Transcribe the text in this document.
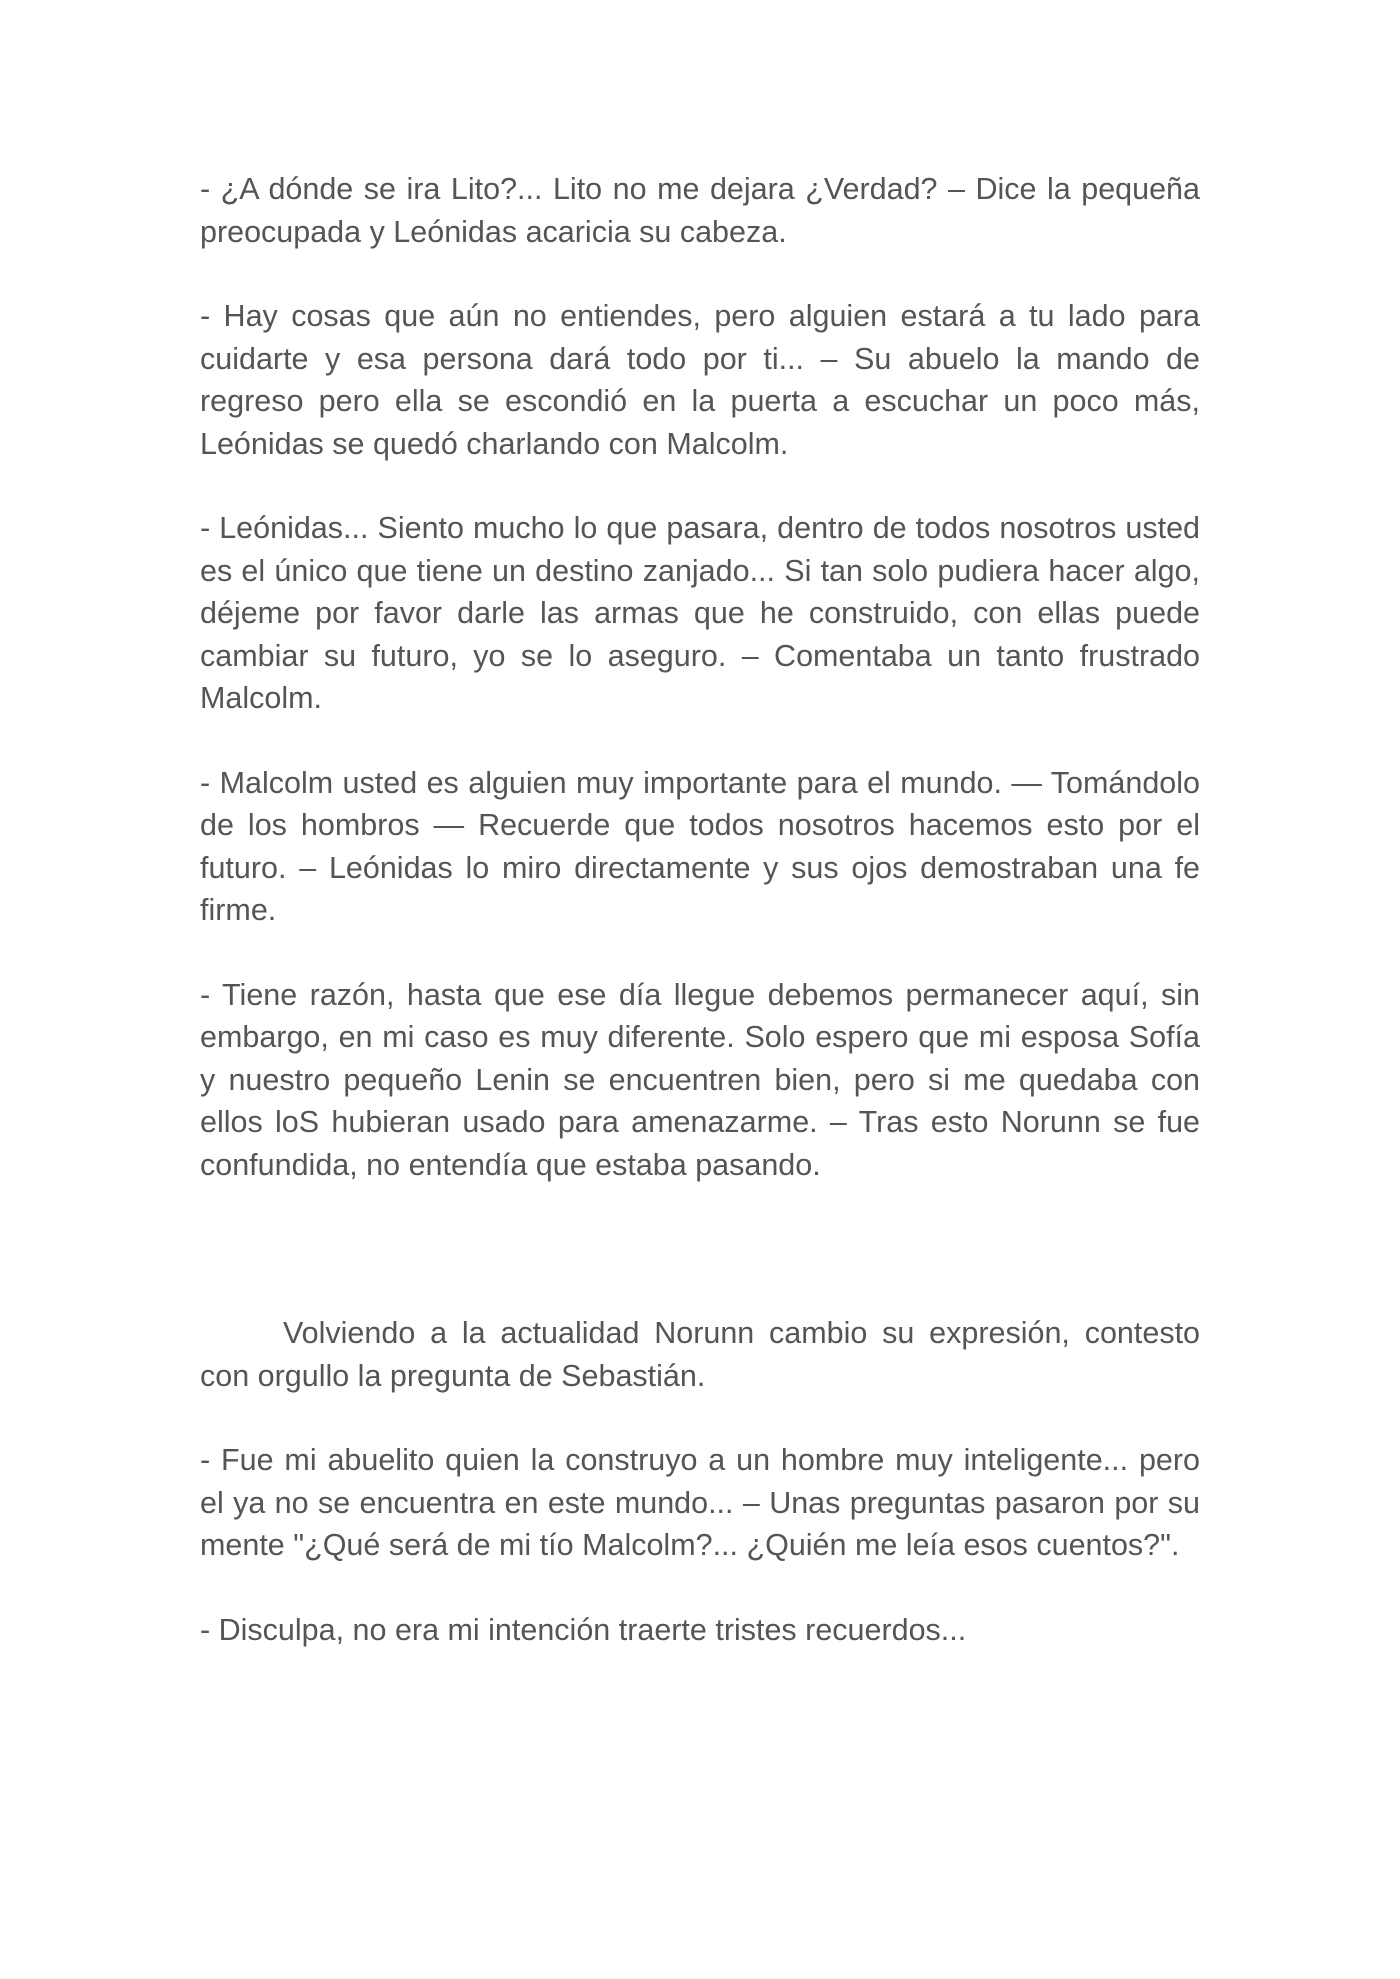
- ¿A dónde se ira Lito?... Lito no me dejara ¿Verdad? – Dice la pequeña preocupada y Leónidas acaricia su cabeza.

- Hay cosas que aún no entiendes, pero alguien estará a tu lado para cuidarte y esa persona dará todo por ti... – Su abuelo la mando de regreso pero ella se escondió en la puerta a escuchar un poco más, Leónidas se quedó charlando con Malcolm.

- Leónidas... Siento mucho lo que pasara, dentro de todos nosotros usted es el único que tiene un destino zanjado... Si tan solo pudiera hacer algo, déjeme por favor darle las armas que he construido, con ellas puede cambiar su futuro, yo se lo aseguro. – Comentaba un tanto frustrado Malcolm.

- Malcolm usted es alguien muy importante para el mundo. — Tomándolo de los hombros — Recuerde que todos nosotros hacemos esto por el futuro. – Leónidas lo miro directamente y sus ojos demostraban una fe firme.

- Tiene razón, hasta que ese día llegue debemos permanecer aquí, sin embargo, en mi caso es muy diferente. Solo espero que mi esposa Sofía y nuestro pequeño Lenin se encuentren bien, pero si me quedaba con ellos loS hubieran usado para amenazarme. – Tras esto Norunn se fue confundida, no entendía que estaba pasando.

Volviendo a la actualidad Norunn cambio su expresión, contesto con orgullo la pregunta de Sebastián.

- Fue mi abuelito quien la construyo a un hombre muy inteligente... pero el ya no se encuentra en este mundo... – Unas preguntas pasaron por su mente "¿Qué será de mi tío Malcolm?... ¿Quién me leía esos cuentos?".

- Disculpa, no era mi intención traerte tristes recuerdos...
